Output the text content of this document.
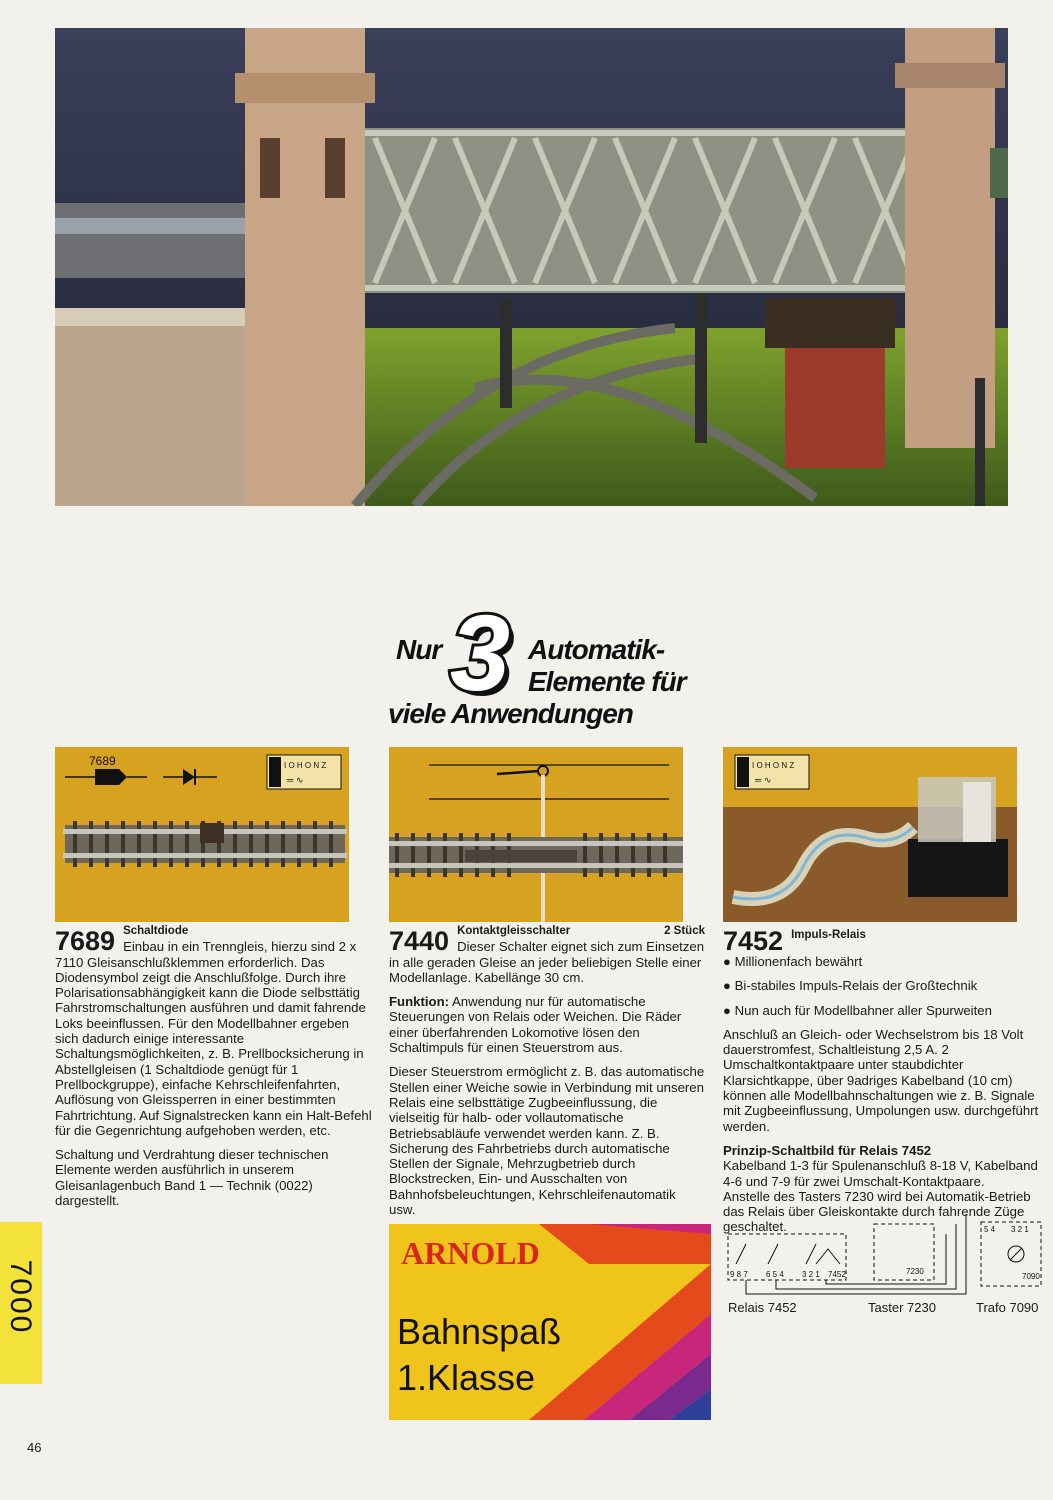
Nur 3 Automatik-
Elemente für
viele Anwendungen
7689	I O H O N Z
═ ∿
I O H O N Z
═ ∿
7689 Schaltdiode

Einbau in ein Trenngleis, hierzu sind 2 x 7110 Gleisanschlußklemmen erforderlich. Das Diodensymbol zeigt die Anschlußfolge. Durch ihre Polarisationsabhängigkeit kann die Diode selbsttätig Fahrstromschaltungen ausführen und damit fahrende Loks beeinflussen. Für den Modellbahner ergeben sich dadurch einige interessante Schaltungsmöglichkeiten, z. B. Prellbocksicherung in Abstellgleisen (1 Schaltdiode genügt für 1 Prellbockgruppe), einfache Kehrschleifenfahrten, Auflösung von Gleissperren in einer bestimmten Fahrtrichtung. Auf Signalstrecken kann ein Halt-Befehl für die Gegenrichtung aufgehoben werden, etc.

Schaltung und Verdrahtung dieser technischen Elemente werden ausführlich in unserem Gleisanlagenbuch Band 1 — Technik (0022) dargestellt.

7440 Kontaktgleisschalter	2 Stück

Dieser Schalter eignet sich zum Einsetzen in alle geraden Gleise an jeder beliebigen Stelle einer Modellanlage. Kabellänge 30 cm.

Funktion: Anwendung nur für automatische Steuerungen von Relais oder Weichen. Die Räder einer überfahrenden Lokomotive lösen den Schaltimpuls für einen Steuerstrom aus.

Dieser Steuerstrom ermöglicht z. B. das automatische Stellen einer Weiche sowie in Verbindung mit unseren Relais eine selbsttätige Zugbeeinflussung, die vielseitig für halb- oder vollautomatische Betriebsabläufe verwendet werden kann. Z. B. Sicherung des Fahrbetriebs durch automatische Stellen der Signale, Mehrzugbetrieb durch Blockstrecken, Ein- und Ausschalten von Bahnhofsbeleuchtungen, Kehrschleifenautomatik usw.

7452 Impuls-Relais

● Millionenfach bewährt

● Bi-stabiles Impuls-Relais der Großtechnik

● Nun auch für Modellbahner aller Spurweiten

Anschluß an Gleich- oder Wechselstrom bis 18 Volt dauerstromfest, Schaltleistung 2,5 A. 2 Umschaltkontaktpaare unter staubdichter Klarsichtkappe, über 9adriges Kabelband (10 cm) können alle Modellbahnschaltungen wie z. B. Signale mit Zugbeeinflussung, Umpolungen usw. durchgeführt werden.

Prinzip-Schaltbild für Relais 7452

Kabelband 1-3 für Spulenanschluß 8-18 V, Kabelband 4-6 und 7-9 für zwei Umschalt-Kontaktpaare.

Anstelle des Tasters 7230 wird bei Automatik-Betrieb das Relais über Gleiskontakte durch fahrende Züge geschaltet.

ARNOLD
Bahnspaß
1.Klasse
9 8 7 6 5 4 3 2 1 7452	7230
5 4 3 2 1
7090
Relais 7452	Taster 7230	Trafo 7090
7000
46
